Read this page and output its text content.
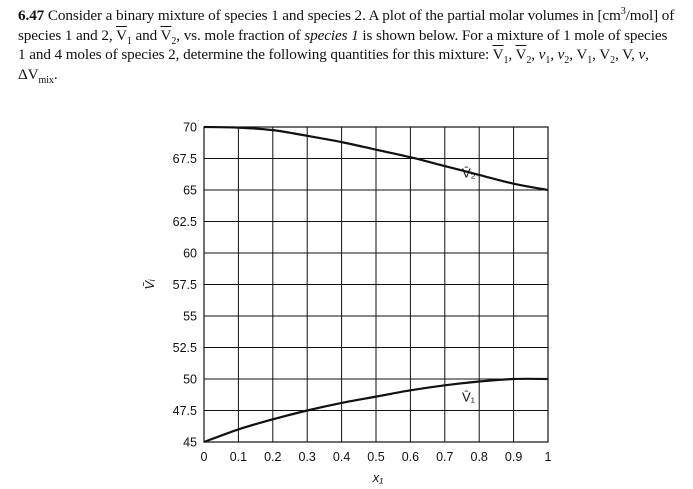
6.47 Consider a binary mixture of species 1 and species 2. A plot of the partial molar volumes in $[cm^3/mol]$ of species 1 and 2, $\overline{V}_1$ and $\overline{V}_2$, vs. mole fraction of species 1 is shown below. For a mixture of 1 mole of species 1 and 4 moles of species 2, determine the following quantities for this mixture: $\overline{V}_1$, $\overline{V}_2$, $v_1$, $v_2$, $V_1$, $V_2$, V, v, $\Delta V_{mix}$.
45
47.5
50
52.5
55
57.5
60
62.5
65
67.5
70
0 0.1 0.2 0.3 0.4 0.5 0.6 0.7 0.8 0.9 1
V̄₂
V̄₁
x₁
V̄ᵢ
